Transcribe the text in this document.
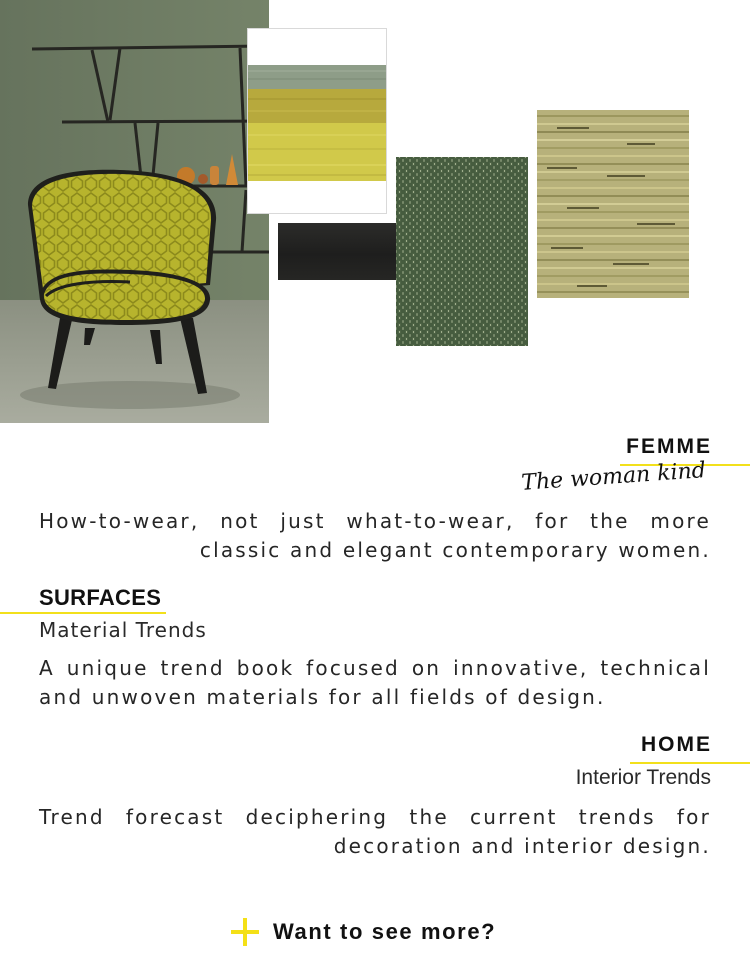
FEMME
The woman kind

How-to-wear, not just what-to-wear, for the more classic and elegant contemporary women.

SURFACES
Material Trends

A unique trend book focused on innovative, technical and unwoven materials for all fields of design.

HOME
Interior Trends

Trend forecast deciphering the current trends for decoration and interior design.

Want to see more?
